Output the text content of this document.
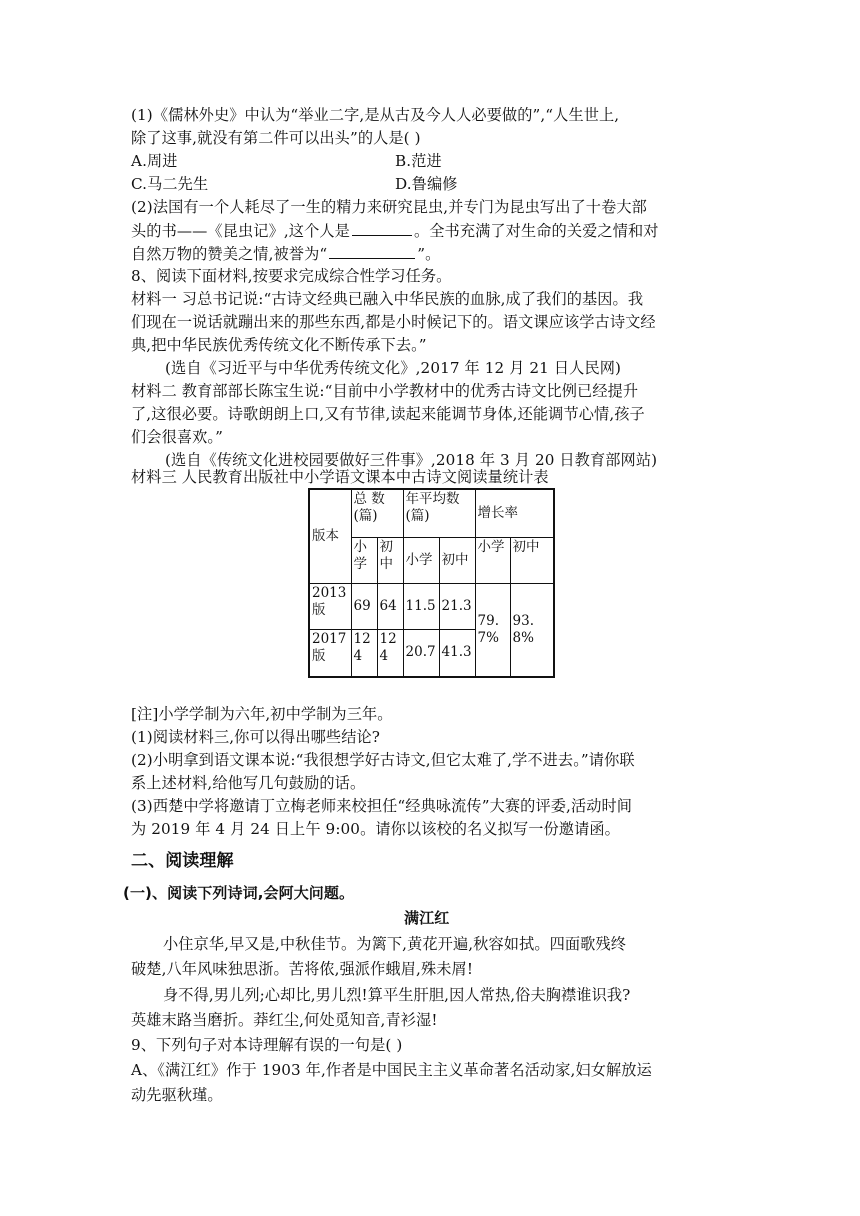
(1)《儒林外史》中认为“举业二字,是从古及今人人必要做的”,“人生世上,
除了这事,就没有第二件可以出头”的人是( )
A.周进	B.范进
C.马二先生	D.鲁编修
(2)法国有一个人耗尽了一生的精力来研究昆虫,并专门为昆虫写出了十卷大部
头的书——《昆虫记》,这个人是	。全书充满了对生命的关爱之情和对
自然万物的赞美之情,被誉为“	”。
8、阅读下面材料,按要求完成综合性学习任务。
材料一 习总书记说:“古诗文经典已融入中华民族的血脉,成了我们的基因。我
们现在一说话就蹦出来的那些东西,都是小时候记下的。语文课应该学古诗文经
典,把中华民族优秀传统文化不断传承下去。”
(选自《习近平与中华优秀传统文化》,2017 年 12 月 21 日人民网)
材料二 教育部部长陈宝生说:“目前中小学教材中的优秀古诗文比例已经提升
了,这很必要。诗歌朗朗上口,又有节律,读起来能调节身体,还能调节心情,孩子
们会很喜欢。”
(选自《传统文化进校园要做好三件事》,2018 年 3 月 20 日教育部网站)
材料三 人民教育出版社中小学语文课本中古诗文阅读量统计表
版本	总 数(篇)		年平均数(篇)		增长率	
	小学	初中	小学	初中	小学	初中
2013版	69	64	11.5	21.3	79.7%	93.8%
2017版	124	124	20.7	41.3		
[注]小学学制为六年,初中学制为三年。
(1)阅读材料三,你可以得出哪些结论?
(2)小明拿到语文课本说:“我很想学好古诗文,但它太难了,学不进去。”请你联
系上述材料,给他写几句鼓励的话。
(3)西楚中学将邀请丁立梅老师来校担任“经典咏流传”大赛的评委,活动时间
为 2019 年 4 月 24 日上午 9:00。请你以该校的名义拟写一份邀请函。
二、阅读理解
(一)、阅读下列诗词,会阿大问题。
满江红
小住京华,早又是,中秋佳节。为篱下,黄花开遍,秋容如拭。四面歌残终
破楚,八年风味独思浙。苦将侬,强派作蛾眉,殊未屑!
身不得,男儿列;心却比,男儿烈!算平生肝胆,因人常热,俗夫胸襟谁识我?
英雄末路当磨折。莽红尘,何处觅知音,青衫湿!
9、下列句子对本诗理解有误的一句是( )
A、《满江红》作于 1903 年,作者是中国民主主义革命著名活动家,妇女解放运
动先驱秋瑾。
